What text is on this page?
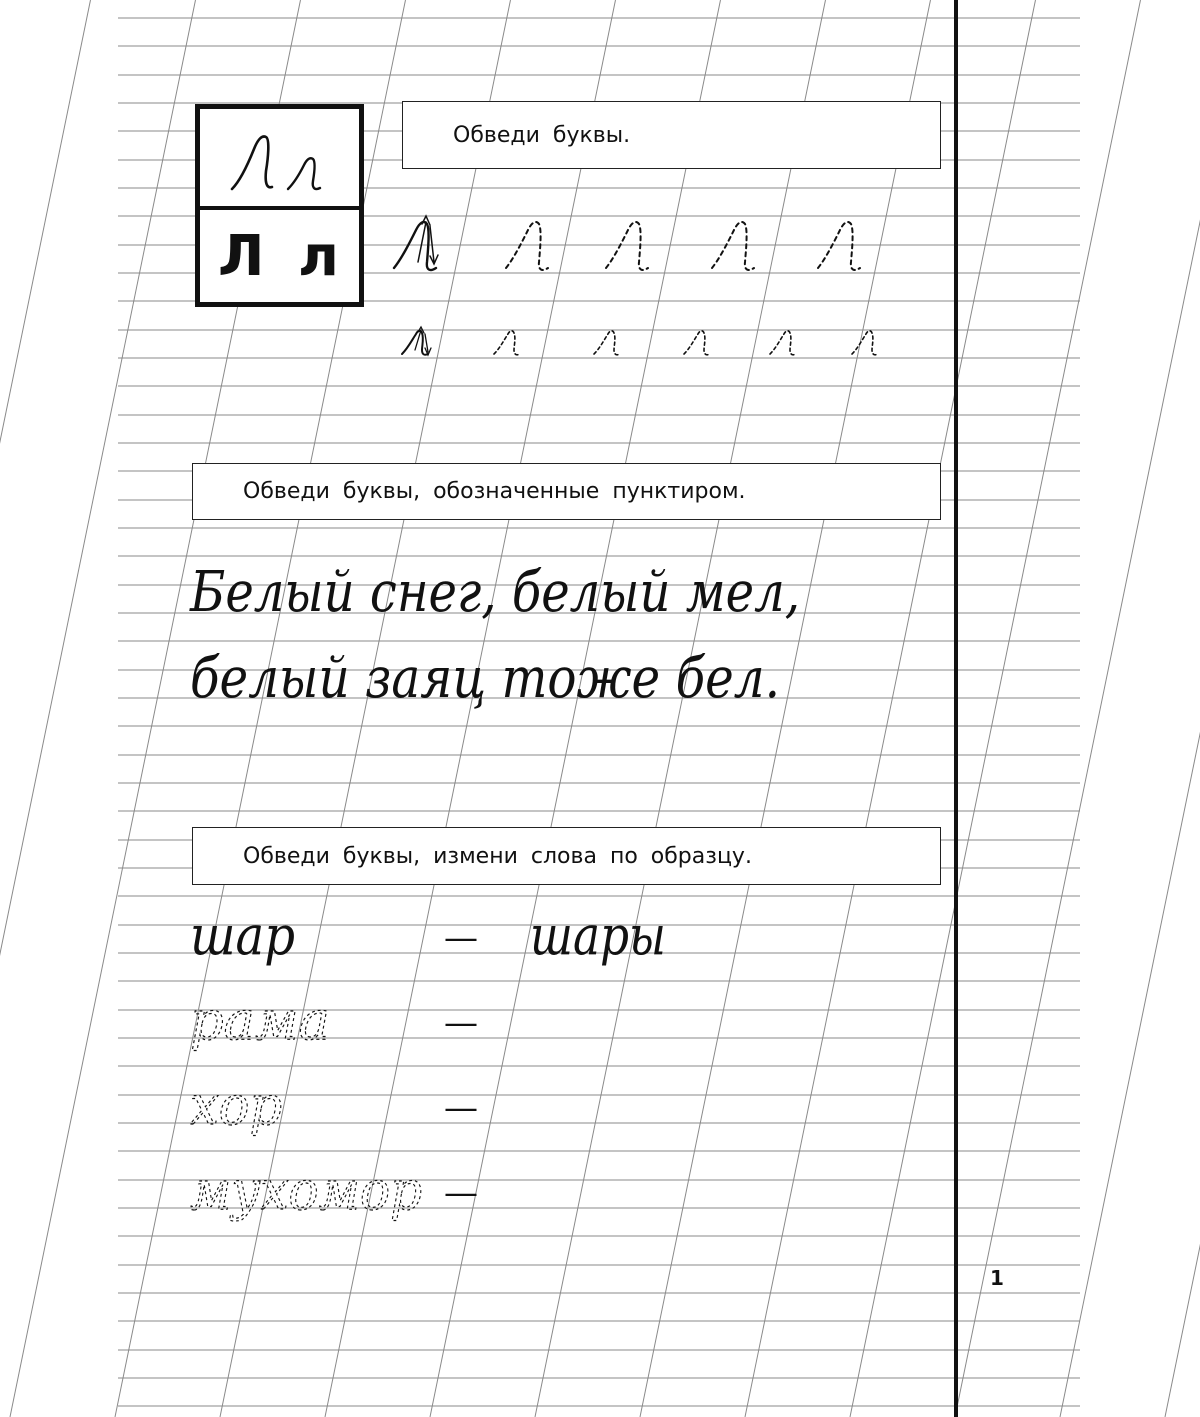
Л л
Обведи буквы.
Обведи буквы, обозначенные пунктиром.
Обведи буквы, измени слова по образцу.
Белый снег, белый мел,
белый заяц тоже бел.
шар	— шары
рама	—
хор	—
мухомор —
1
